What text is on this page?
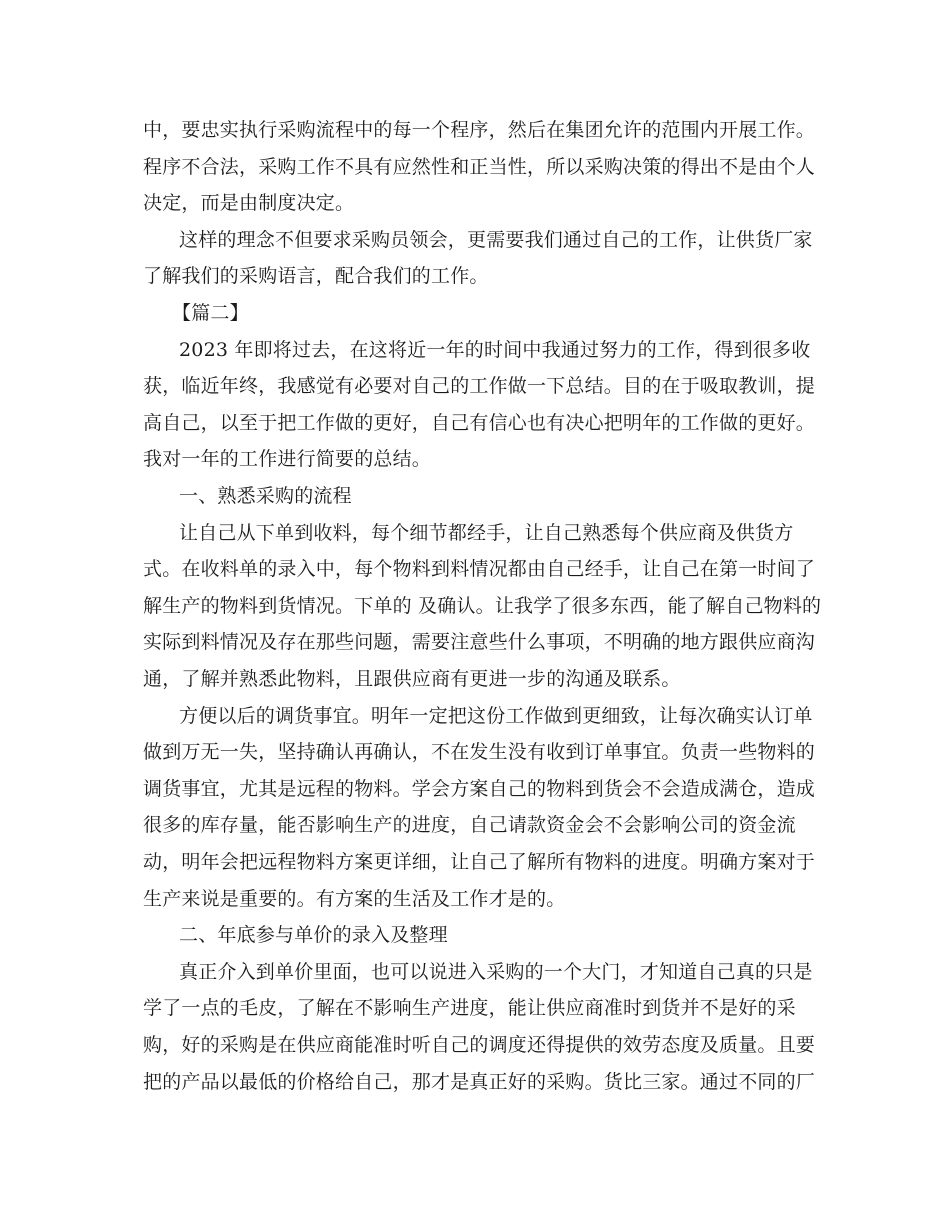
中，要忠实执行采购流程中的每一个程序，然后在集团允许的范围内开展工作。
程序不合法，采购工作不具有应然性和正当性，所以采购决策的得出不是由个人
决定，而是由制度决定。
这样的理念不但要求采购员领会，更需要我们通过自己的工作，让供货厂家
了解我们的采购语言，配合我们的工作。
【篇二】
2023 年即将过去，在这将近一年的时间中我通过努力的工作，得到很多收
获，临近年终，我感觉有必要对自己的工作做一下总结。目的在于吸取教训，提
高自己，以至于把工作做的更好，自己有信心也有决心把明年的工作做的更好。
我对一年的工作进行简要的总结。
一、熟悉采购的流程
让自己从下单到收料，每个细节都经手，让自己熟悉每个供应商及供货方
式。在收料单的录入中，每个物料到料情况都由自己经手，让自己在第一时间了
解生产的物料到货情况。下单的 及确认。让我学了很多东西，能了解自己物料的
实际到料情况及存在那些问题，需要注意些什么事项，不明确的地方跟供应商沟
通，了解并熟悉此物料，且跟供应商有更进一步的沟通及联系。
方便以后的调货事宜。明年一定把这份工作做到更细致，让每次确实认订单
做到万无一失，坚持确认再确认，不在发生没有收到订单事宜。负责一些物料的
调货事宜，尤其是远程的物料。学会方案自己的物料到货会不会造成满仓，造成
很多的库存量，能否影响生产的进度，自己请款资金会不会影响公司的资金流
动，明年会把远程物料方案更详细，让自己了解所有物料的进度。明确方案对于
生产来说是重要的。有方案的生活及工作才是的。
二、年底参与单价的录入及整理
真正介入到单价里面，也可以说进入采购的一个大门，才知道自己真的只是
学了一点的毛皮，了解在不影响生产进度，能让供应商准时到货并不是好的采
购，好的采购是在供应商能准时听自己的调度还得提供的效劳态度及质量。且要
把的产品以最低的价格给自己，那才是真正好的采购。货比三家。通过不同的厂
